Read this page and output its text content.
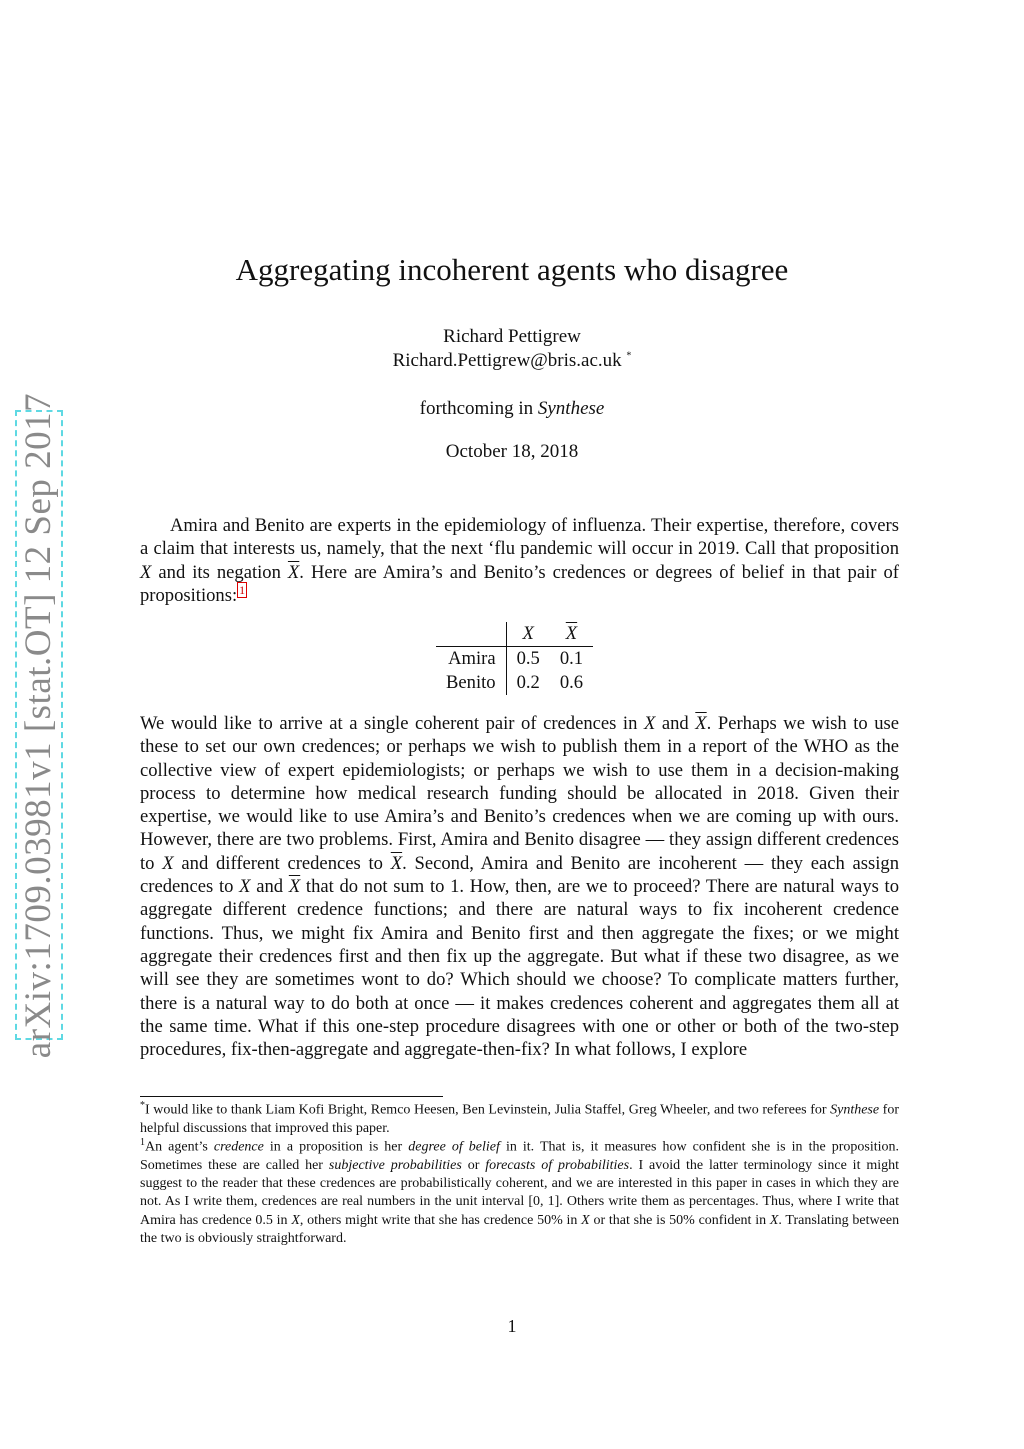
arXiv:1709.03981v1 [stat.OT] 12 Sep 2017
Aggregating incoherent agents who disagree
Richard Pettigrew
Richard.Pettigrew@bris.ac.uk *
forthcoming in Synthese
October 18, 2018
Amira and Benito are experts in the epidemiology of influenza. Their expertise, therefore, covers a claim that interests us, namely, that the next ‘flu pandemic will occur in 2019. Call that proposition X and its negation $\overline{X}$. Here are Amira’s and Benito’s credences or degrees of belief in that pair of propositions: $^1$
	X	$\overline{X}$
Amira	0.5	0.1
Benito	0.2	0.6
We would like to arrive at a single coherent pair of credences in X and $\overline{X}$. Perhaps we wish to use these to set our own credences; or perhaps we wish to publish them in a report of the WHO as the collective view of expert epidemiologists; or perhaps we wish to use them in a decision-making process to determine how medical research funding should be allocated in 2018. Given their expertise, we would like to use Amira’s and Benito’s credences when we are coming up with ours. However, there are two problems. First, Amira and Benito disagree — they assign different credences to X and different credences to $\overline{X}$. Second, Amira and Benito are incoherent — they each assign credences to X and $\overline{X}$ that do not sum to 1. How, then, are we to proceed? There are natural ways to aggregate different credence functions; and there are natural ways to fix incoherent credence functions. Thus, we might fix Amira and Benito first and then aggregate the fixes; or we might aggregate their credences first and then fix up the aggregate. But what if these two disagree, as we will see they are sometimes wont to do? Which should we choose? To complicate matters further, there is a natural way to do both at once — it makes credences coherent and aggregates them all at the same time. What if this one-step procedure disagrees with one or other or both of the two-step procedures, fix-then-aggregate and aggregate-then-fix? In what follows, I explore

*I would like to thank Liam Kofi Bright, Remco Heesen, Ben Levinstein, Julia Staffel, Greg Wheeler, and two referees for Synthese for helpful discussions that improved this paper.

$^1$An agent’s credence in a proposition is her degree of belief in it. That is, it measures how confident she is in the proposition. Sometimes these are called her subjective probabilities or forecasts of probabilities. I avoid the latter terminology since it might suggest to the reader that these credences are probabilistically coherent, and we are interested in this paper in cases in which they are not. As I write them, credences are real numbers in the unit interval [0, 1]. Others write them as percentages. Thus, where I write that Amira has credence 0.5 in X, others might write that she has credence 50% in X or that she is 50% confident in X. Translating between the two is obviously straightforward.

1
